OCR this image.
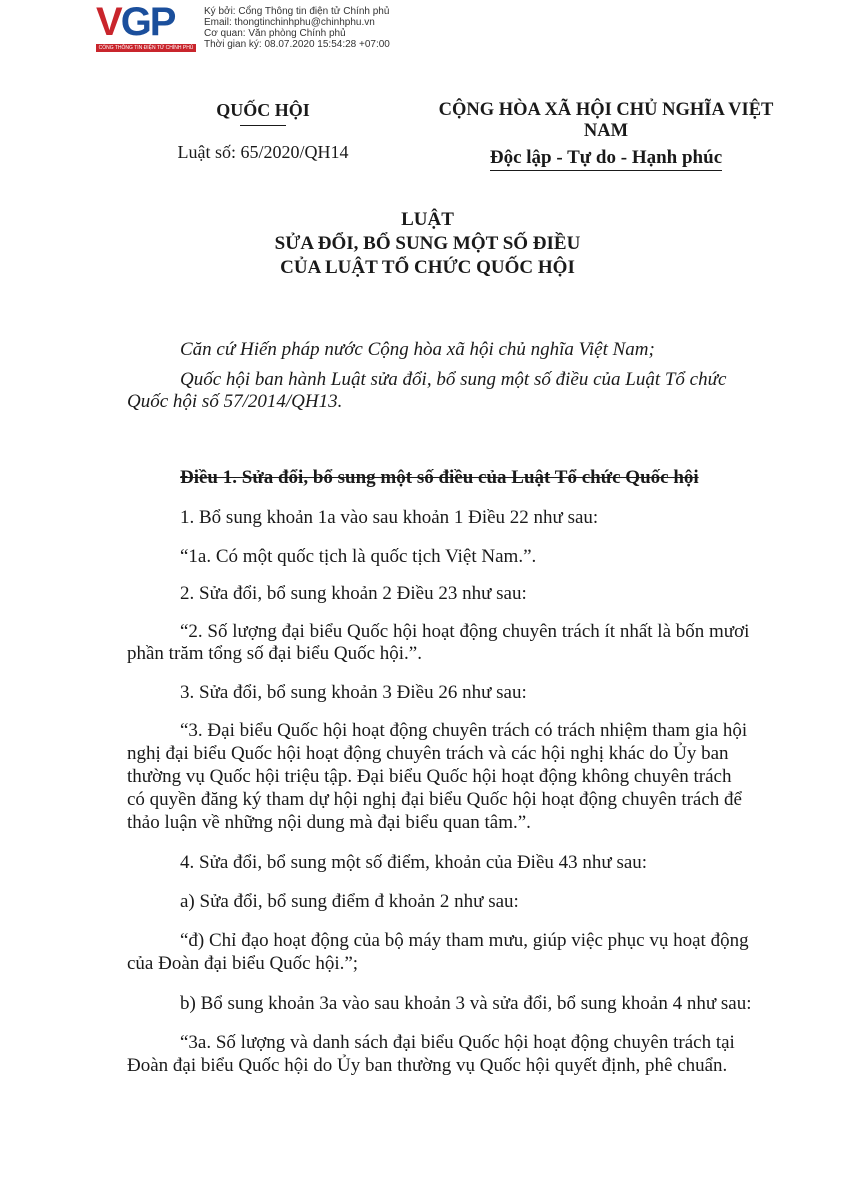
VGP
CỔNG THÔNG TIN ĐIỆN TỬ CHÍNH PHỦ
Ký bởi: Cổng Thông tin điện tử Chính phủ
Email: thongtinchinhphu@chinhphu.vn
Cơ quan: Văn phòng Chính phủ
Thời gian ký: 08.07.2020 15:54:28 +07:00
QUỐC HỘI
Luật số: 65/2020/QH14
CỘNG HÒA XÃ HỘI CHỦ NGHĨA VIỆT NAM
Độc lập - Tự do - Hạnh phúc
LUẬT
SỬA ĐỔI, BỔ SUNG MỘT SỐ ĐIỀU
CỦA LUẬT TỔ CHỨC QUỐC HỘI
Căn cứ Hiến pháp nước Cộng hòa xã hội chủ nghĩa Việt Nam;
Quốc hội ban hành Luật sửa đổi, bổ sung một số điều của Luật Tổ chức
Quốc hội số 57/2014/QH13.
Điều 1. Sửa đổi, bổ sung một số điều của Luật Tổ chức Quốc hội
1. Bổ sung khoản 1a vào sau khoản 1 Điều 22 như sau:
“1a. Có một quốc tịch là quốc tịch Việt Nam.”.
2. Sửa đổi, bổ sung khoản 2 Điều 23 như sau:
“2. Số lượng đại biểu Quốc hội hoạt động chuyên trách ít nhất là bốn mươi
phần trăm tổng số đại biểu Quốc hội.”.
3. Sửa đổi, bổ sung khoản 3 Điều 26 như sau:
“3. Đại biểu Quốc hội hoạt động chuyên trách có trách nhiệm tham gia hội
nghị đại biểu Quốc hội hoạt động chuyên trách và các hội nghị khác do Ủy ban
thường vụ Quốc hội triệu tập. Đại biểu Quốc hội hoạt động không chuyên trách
có quyền đăng ký tham dự hội nghị đại biểu Quốc hội hoạt động chuyên trách để
thảo luận về những nội dung mà đại biểu quan tâm.”.
4. Sửa đổi, bổ sung một số điểm, khoản của Điều 43 như sau:
a) Sửa đổi, bổ sung điểm đ khoản 2 như sau:
“đ) Chỉ đạo hoạt động của bộ máy tham mưu, giúp việc phục vụ hoạt động
của Đoàn đại biểu Quốc hội.”;
b) Bổ sung khoản 3a vào sau khoản 3 và sửa đổi, bổ sung khoản 4 như sau:
“3a. Số lượng và danh sách đại biểu Quốc hội hoạt động chuyên trách tại
Đoàn đại biểu Quốc hội do Ủy ban thường vụ Quốc hội quyết định, phê chuẩn.
